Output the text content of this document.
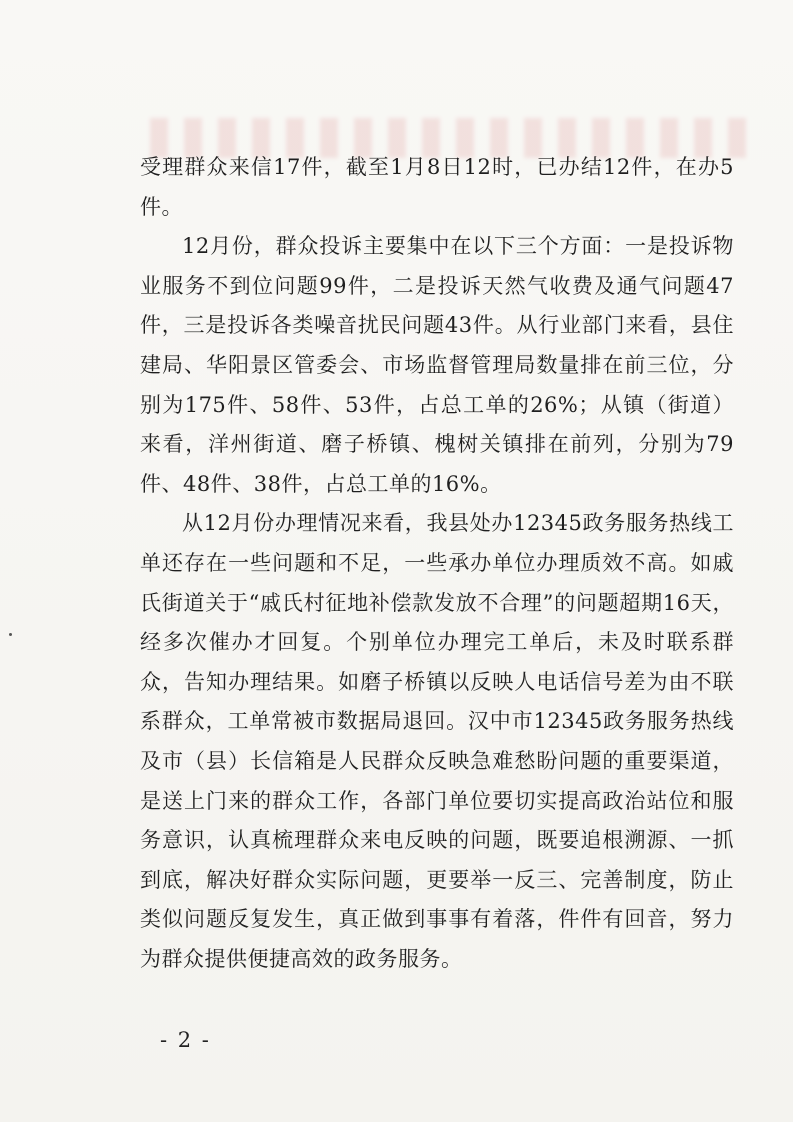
受理群众来信17件，截至1月8日12时，已办结12件，在办5件。

12月份，群众投诉主要集中在以下三个方面：一是投诉物业服务不到位问题99件，二是投诉天然气收费及通气问题47件，三是投诉各类噪音扰民问题43件。从行业部门来看，县住建局、华阳景区管委会、市场监督管理局数量排在前三位，分别为175件、58件、53件，占总工单的26%；从镇（街道）来看，洋州街道、磨子桥镇、槐树关镇排在前列，分别为79件、48件、38件，占总工单的16%。

从12月份办理情况来看，我县处办12345政务服务热线工单还存在一些问题和不足，一些承办单位办理质效不高。如戚氏街道关于“戚氏村征地补偿款发放不合理”的问题超期16天，经多次催办才回复。个别单位办理完工单后，未及时联系群众，告知办理结果。如磨子桥镇以反映人电话信号差为由不联系群众，工单常被市数据局退回。汉中市12345政务服务热线及市（县）长信箱是人民群众反映急难愁盼问题的重要渠道，是送上门来的群众工作，各部门单位要切实提高政治站位和服务意识，认真梳理群众来电反映的问题，既要追根溯源、一抓到底，解决好群众实际问题，更要举一反三、完善制度，防止类似问题反复发生，真正做到事事有着落，件件有回音，努力为群众提供便捷高效的政务服务。

- 2 -
